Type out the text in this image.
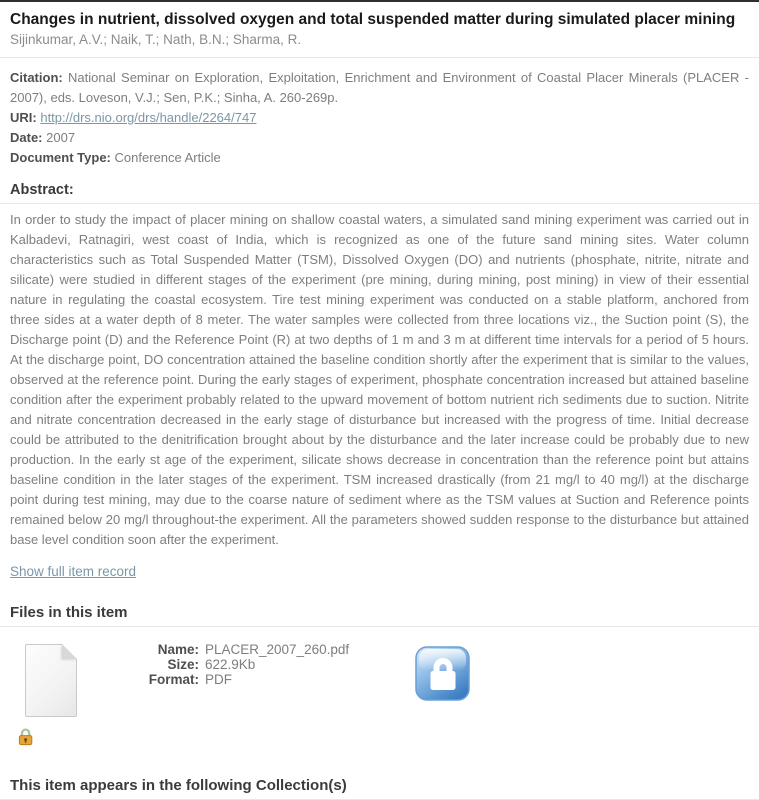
Changes in nutrient, dissolved oxygen and total suspended matter during simulated placer mining
Sijinkumar, A.V.; Naik, T.; Nath, B.N.; Sharma, R.

Citation: National Seminar on Exploration, Exploitation, Enrichment and Environment of Coastal Placer Minerals (PLACER - 2007), eds. Loveson, V.J.; Sen, P.K.; Sinha, A. 260-269p.

URI: http://drs.nio.org/drs/handle/2264/747

Date: 2007

Document Type: Conference Article

Abstract:

In order to study the impact of placer mining on shallow coastal waters, a simulated sand mining experiment was carried out in Kalbadevi, Ratnagiri, west coast of India, which is recognized as one of the future sand mining sites. Water column characteristics such as Total Suspended Matter (TSM), Dissolved Oxygen (DO) and nutrients (phosphate, nitrite, nitrate and silicate) were studied in different stages of the experiment (pre mining, during mining, post mining) in view of their essential nature in regulating the coastal ecosystem. Tire test mining experiment was conducted on a stable platform, anchored from three sides at a water depth of 8 meter. The water samples were collected from three locations viz., the Suction point (S), the Discharge point (D) and the Reference Point (R) at two depths of 1 m and 3 m at different time intervals for a period of 5 hours. At the discharge point, DO concentration attained the baseline condition shortly after the experiment that is similar to the values, observed at the reference point. During the early stages of experiment, phosphate concentration increased but attained baseline condition after the experiment probably related to the upward movement of bottom nutrient rich sediments due to suction. Nitrite and nitrate concentration decreased in the early stage of disturbance but increased with the progress of time. Initial decrease could be attributed to the denitrification brought about by the disturbance and the later increase could be probably due to new production. In the early st age of the experiment, silicate shows decrease in concentration than the reference point but attains baseline condition in the later stages of the experiment. TSM increased drastically (from 21 mg/l to 40 mg/l) at the discharge point during test mining, may due to the coarse nature of sediment where as the TSM values at Suction and Reference points remained below 20 mg/l throughout-the experiment. All the parameters showed sudden response to the disturbance but attained base level condition soon after the experiment.

Show full item record
Files in this item
Name: PLACER_2007_260.pdf
Size: 622.9Kb
Format: PDF
This item appears in the following Collection(s)
